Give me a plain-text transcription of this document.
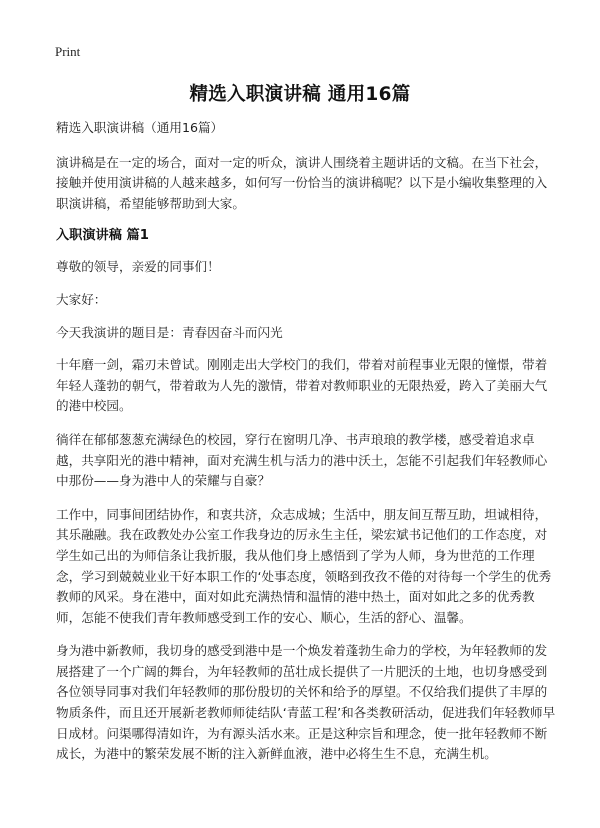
Print
精选入职演讲稿 通用16篇

精选入职演讲稿（通用16篇）

演讲稿是在一定的场合，面对一定的听众，演讲人围绕着主题讲话的文稿。在当下社会，接触并使用演讲稿的人越来越多，如何写一份恰当的演讲稿呢？以下是小编收集整理的入职演讲稿，希望能够帮助到大家。

入职演讲稿 篇1

尊敬的领导，亲爱的同事们！

大家好：

今天我演讲的题目是：青春因奋斗而闪光

十年磨一剑，霜刃未曾试。刚刚走出大学校门的我们，带着对前程事业无限的憧憬，带着年轻人蓬勃的朝气，带着敢为人先的激情，带着对教师职业的无限热爱，跨入了美丽大气的港中校园。

徜徉在郁郁葱葱充满绿色的校园，穿行在窗明几净、书声琅琅的教学楼，感受着追求卓越，共享阳光的港中精神，面对充满生机与活力的港中沃土，怎能不引起我们年轻教师心中那份——身为港中人的荣耀与自豪？

工作中，同事间团结协作，和衷共济，众志成城；生活中，朋友间互帮互助，坦诚相待，其乐融融。我在政教处办公室工作我身边的厉永生主任，梁宏斌书记他们的工作态度，对学生如己出的为师信条让我折服，我从他们身上感悟到了学为人师，身为世范的工作理念，学习到兢兢业业干好本职工作的‘处事态度，领略到孜孜不倦的对待每一个学生的优秀教师的风采。身在港中，面对如此充满热情和温情的港中热土，面对如此之多的优秀教师，怎能不使我们青年教师感受到工作的安心、顺心，生活的舒心、温馨。

身为港中新教师，我切身的感受到港中是一个焕发着蓬勃生命力的学校，为年轻教师的发展搭建了一个广阔的舞台，为年轻教师的茁壮成长提供了一片肥沃的土地，也切身感受到各位领导同事对我们年轻教师的那份殷切的关怀和给予的厚望。不仅给我们提供了丰厚的物质条件，而且还开展新老教师师徒结队‘青蓝工程’和各类教研活动，促进我们年轻教师早日成材。问渠哪得清如许，为有源头活水来。正是这种宗旨和理念，使一批年轻教师不断成长，为港中的繁荣发展不断的注入新鲜血液，港中必将生生不息，充满生机。
